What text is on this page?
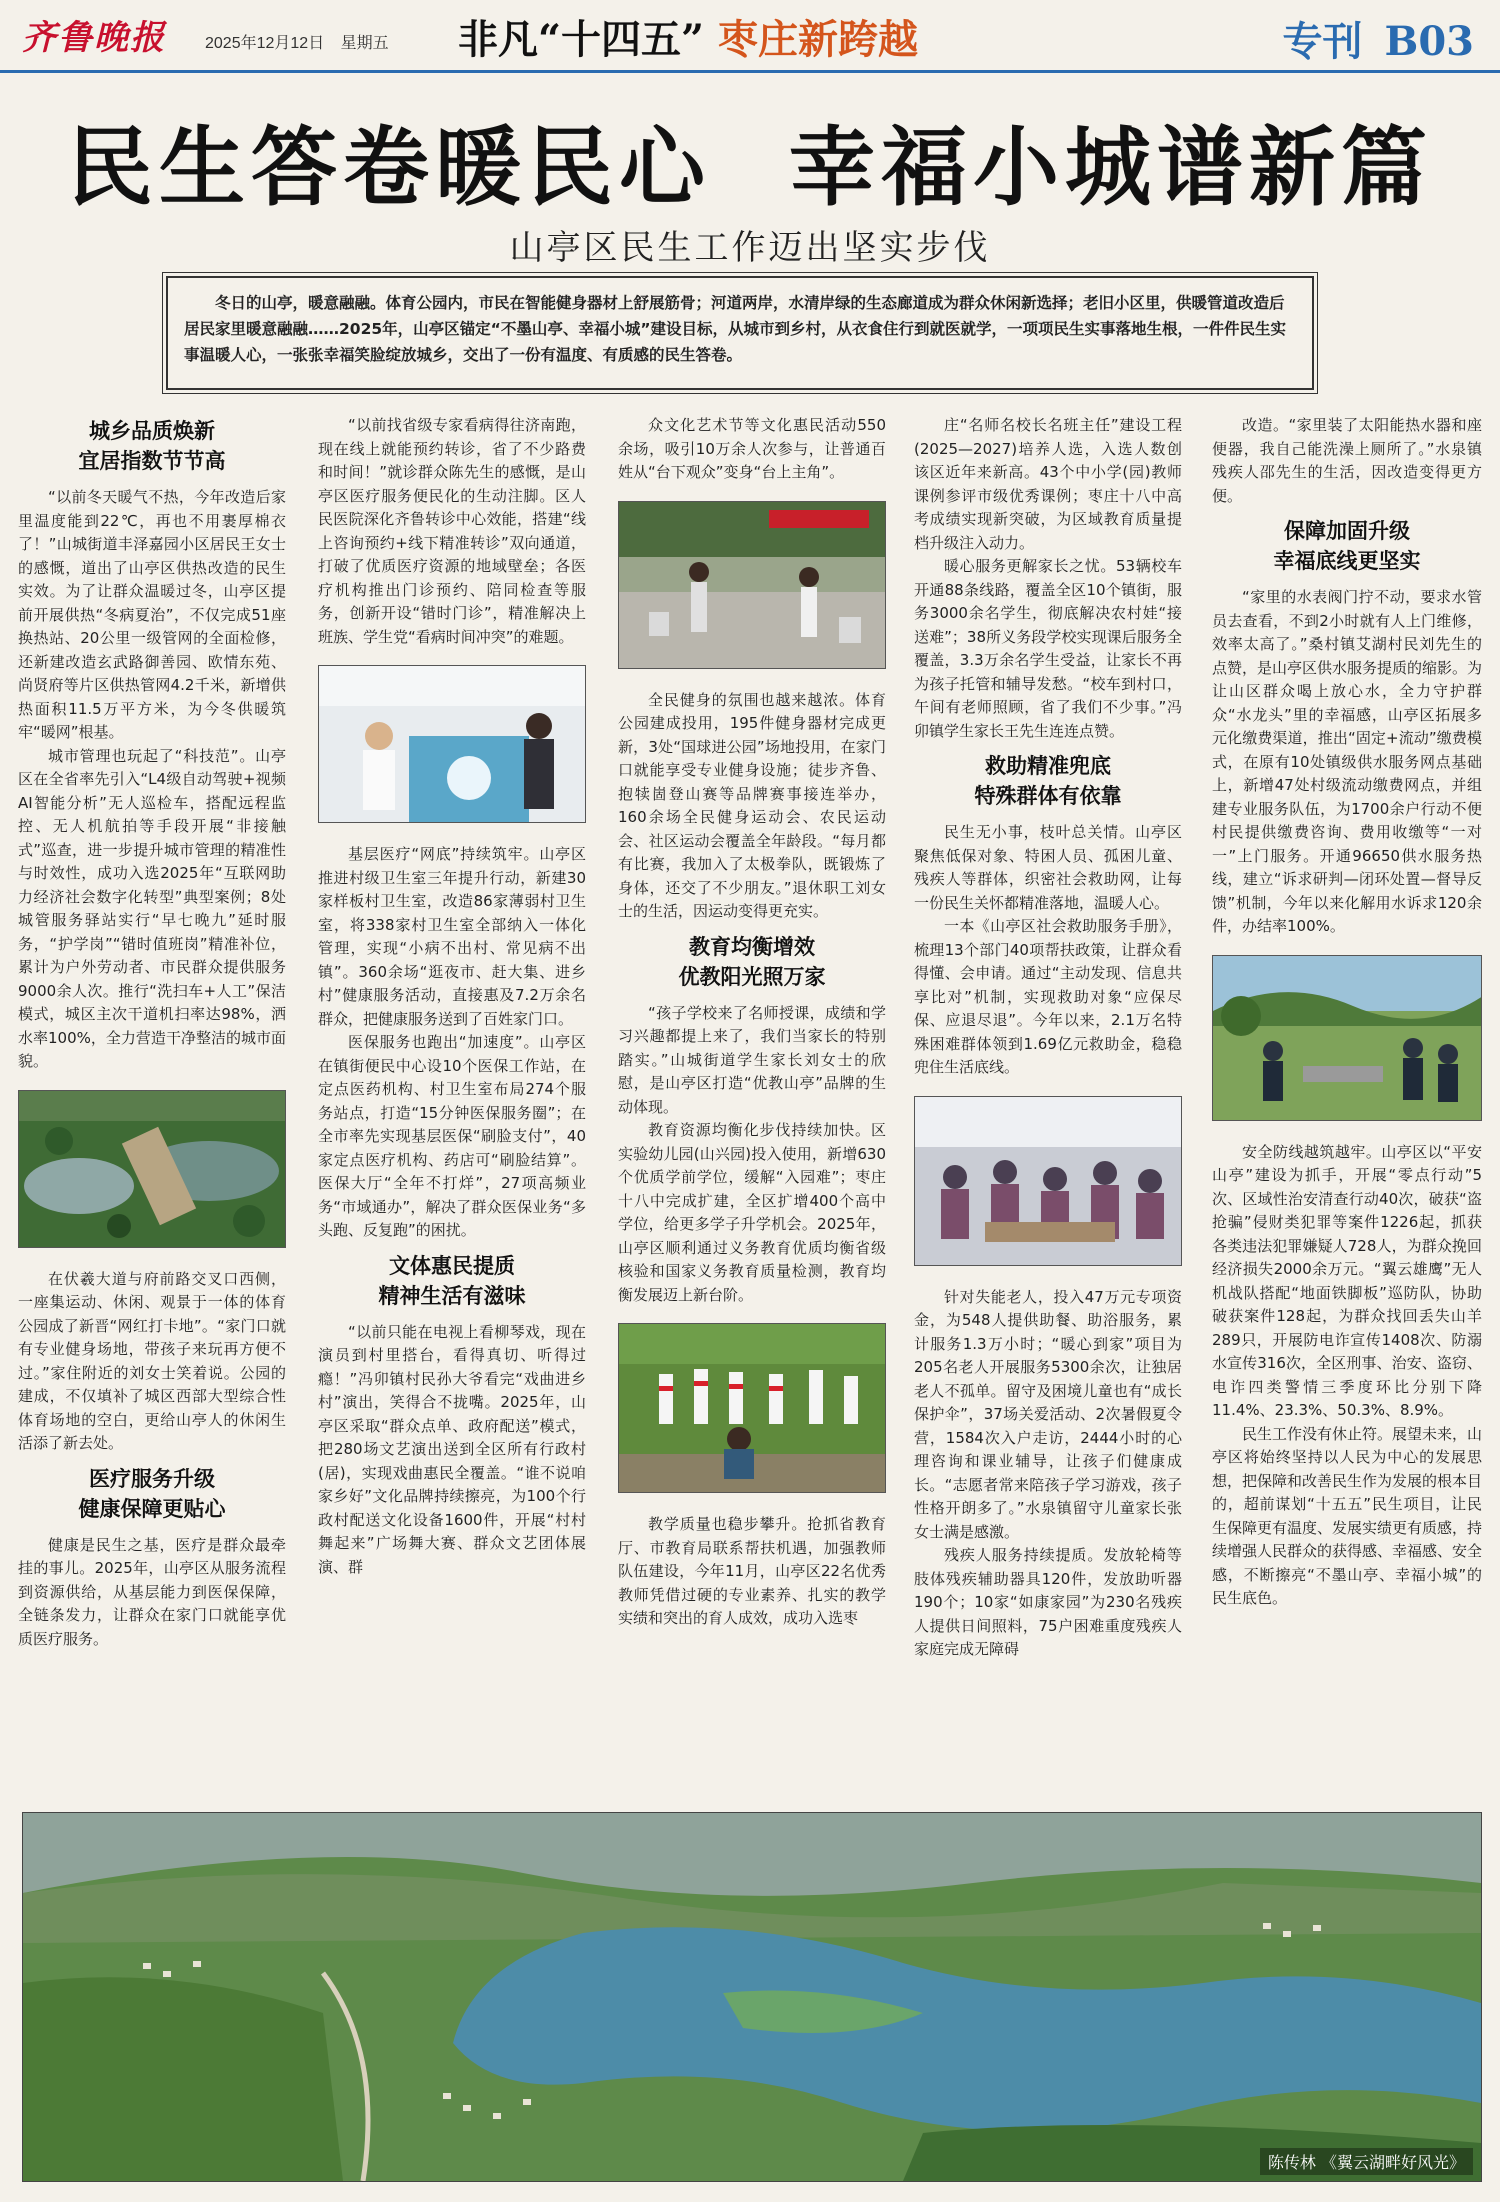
齐鲁晚报 2025年12月12日 星期五 非凡“十四五” 枣庄新跨越	专刊 B03
民生答卷暖民心 幸福小城谱新篇
山亭区民生工作迈出坚实步伐
冬日的山亭，暖意融融。体育公园内，市民在智能健身器材上舒展筋骨；河道两岸，水清岸绿的生态廊道成为群众休闲新选择；老旧小区里，供暖管道改造后居民家里暖意融融……2025年，山亭区锚定“不墨山亭、幸福小城”建设目标，从城市到乡村，从衣食住行到就医就学，一项项民生实事落地生根，一件件民生实事温暖人心，一张张幸福笑脸绽放城乡，交出了一份有温度、有质感的民生答卷。
城乡品质焕新
宜居指数节节高

“以前冬天暖气不热，今年改造后家里温度能到22℃，再也不用裹厚棉衣了！”山城街道丰泽嘉园小区居民王女士的感慨，道出了山亭区供热改造的民生实效。为了让群众温暖过冬，山亭区提前开展供热“冬病夏治”，不仅完成51座换热站、20公里一级管网的全面检修，还新建改造玄武路御善园、欧情东苑、尚贤府等片区供热管网4.2千米，新增供热面积11.5万平方米，为今冬供暖筑牢“暖网”根基。

城市管理也玩起了“科技范”。山亭区在全省率先引入“L4级自动驾驶+视频AI智能分析”无人巡检车，搭配远程监控、无人机航拍等手段开展“非接触式”巡查，进一步提升城市管理的精准性与时效性，成功入选2025年“互联网助力经济社会数字化转型”典型案例；8处城管服务驿站实行“早七晚九”延时服务，“护学岗”“错时值班岗”精准补位，累计为户外劳动者、市民群众提供服务9000余人次。推行“洗扫车+人工”保洁模式，城区主次干道机扫率达98%，洒水率100%，全力营造干净整洁的城市面貌。

在伏羲大道与府前路交叉口西侧，一座集运动、休闲、观景于一体的体育公园成了新晋“网红打卡地”。“家门口就有专业健身场地，带孩子来玩再方便不过。”家住附近的刘女士笑着说。公园的建成，不仅填补了城区西部大型综合性体育场地的空白，更给山亭人的休闲生活添了新去处。

医疗服务升级
健康保障更贴心

健康是民生之基，医疗是群众最牵挂的事儿。2025年，山亭区从服务流程到资源供给，从基层能力到医保保障，全链条发力，让群众在家门口就能享优质医疗服务。

“以前找省级专家看病得往济南跑，现在线上就能预约转诊，省了不少路费和时间！”就诊群众陈先生的感慨，是山亭区医疗服务便民化的生动注脚。区人民医院深化齐鲁转诊中心效能，搭建“线上咨询预约+线下精准转诊”双向通道，打破了优质医疗资源的地域壁垒；各医疗机构推出门诊预约、陪同检查等服务，创新开设“错时门诊”，精准解决上班族、学生党“看病时间冲突”的难题。

基层医疗“网底”持续筑牢。山亭区推进村级卫生室三年提升行动，新建30家样板村卫生室，改造86家薄弱村卫生室，将338家村卫生室全部纳入一体化管理，实现“小病不出村、常见病不出镇”。360余场“逛夜市、赶大集、进乡村”健康服务活动，直接惠及7.2万余名群众，把健康服务送到了百姓家门口。

医保服务也跑出“加速度”。山亭区在镇街便民中心设10个医保工作站，在定点医药机构、村卫生室布局274个服务站点，打造“15分钟医保服务圈”；在全市率先实现基层医保“刷脸支付”，40家定点医疗机构、药店可“刷脸结算”。医保大厅“全年不打烊”，27项高频业务“市域通办”，解决了群众医保业务“多头跑、反复跑”的困扰。

文体惠民提质
精神生活有滋味

“以前只能在电视上看柳琴戏，现在演员到村里搭台，看得真切、听得过瘾！”冯卯镇村民孙大爷看完“戏曲进乡村”演出，笑得合不拢嘴。2025年，山亭区采取“群众点单、政府配送”模式，把280场文艺演出送到全区所有行政村(居)，实现戏曲惠民全覆盖。“谁不说咱家乡好”文化品牌持续擦亮，为100个行政村配送文化设备1600件，开展“村村舞起来”广场舞大赛、群众文艺团体展演、群

众文化艺术节等文化惠民活动550余场，吸引10万余人次参与，让普通百姓从“台下观众”变身“台上主角”。

全民健身的氛围也越来越浓。体育公园建成投用，195件健身器材完成更新，3处“国球进公园”场地投用，在家门口就能享受专业健身设施；徒步齐鲁、抱犊崮登山赛等品牌赛事接连举办，160余场全民健身运动会、农民运动会、社区运动会覆盖全年龄段。“每月都有比赛，我加入了太极拳队，既锻炼了身体，还交了不少朋友。”退休职工刘女士的生活，因运动变得更充实。

教育均衡增效
优教阳光照万家

“孩子学校来了名师授课，成绩和学习兴趣都提上来了，我们当家长的特别踏实。”山城街道学生家长刘女士的欣慰，是山亭区打造“优教山亭”品牌的生动体现。

教育资源均衡化步伐持续加快。区实验幼儿园(山兴园)投入使用，新增630个优质学前学位，缓解“入园难”；枣庄十八中完成扩建，全区扩增400个高中学位，给更多学子升学机会。2025年，山亭区顺利通过义务教育优质均衡省级核验和国家义务教育质量检测，教育均衡发展迈上新台阶。

教学质量也稳步攀升。抢抓省教育厅、市教育局联系帮扶机遇，加强教师队伍建设，今年11月，山亭区22名优秀教师凭借过硬的专业素养、扎实的教学实绩和突出的育人成效，成功入选枣

庄“名师名校长名班主任”建设工程(2025—2027)培养人选，入选人数创该区近年来新高。43个中小学(园)教师课例参评市级优秀课例；枣庄十八中高考成绩实现新突破，为区域教育质量提档升级注入动力。

暖心服务更解家长之忧。53辆校车开通88条线路，覆盖全区10个镇街，服务3000余名学生，彻底解决农村娃“接送难”；38所义务段学校实现课后服务全覆盖，3.3万余名学生受益，让家长不再为孩子托管和辅导发愁。“校车到村口，午间有老师照顾，省了我们不少事。”冯卯镇学生家长王先生连连点赞。

救助精准兜底
特殊群体有依靠

民生无小事，枝叶总关情。山亭区聚焦低保对象、特困人员、孤困儿童、残疾人等群体，织密社会救助网，让每一份民生关怀都精准落地，温暖人心。

一本《山亭区社会救助服务手册》，梳理13个部门40项帮扶政策，让群众看得懂、会申请。通过“主动发现、信息共享比对”机制，实现救助对象“应保尽保、应退尽退”。今年以来，2.1万名特殊困难群体领到1.69亿元救助金，稳稳兜住生活底线。

针对失能老人，投入47万元专项资金，为548人提供助餐、助浴服务，累计服务1.3万小时；“暖心到家”项目为205名老人开展服务5300余次，让独居老人不孤单。留守及困境儿童也有“成长保护伞”，37场关爱活动、2次暑假夏令营，1584次入户走访，2444小时的心理咨询和课业辅导，让孩子们健康成长。“志愿者常来陪孩子学习游戏，孩子性格开朗多了。”水泉镇留守儿童家长张女士满是感激。

残疾人服务持续提质。发放轮椅等肢体残疾辅助器具120件，发放助听器190个；10家“如康家园”为230名残疾人提供日间照料，75户困难重度残疾人家庭完成无障碍

改造。“家里装了太阳能热水器和座便器，我自己能洗澡上厕所了。”水泉镇残疾人邵先生的生活，因改造变得更方便。

保障加固升级
幸福底线更坚实

“家里的水表阀门拧不动，要求水管员去查看，不到2小时就有人上门维修，效率太高了。”桑村镇艾湖村民刘先生的点赞，是山亭区供水服务提质的缩影。为让山区群众喝上放心水，全力守护群众“水龙头”里的幸福感，山亭区拓展多元化缴费渠道，推出“固定+流动”缴费模式，在原有10处镇级供水服务网点基础上，新增47处村级流动缴费网点，并组建专业服务队伍，为1700余户行动不便村民提供缴费咨询、费用收缴等“一对一”上门服务。开通96650供水服务热线，建立“诉求研判—闭环处置—督导反馈”机制，今年以来化解用水诉求120余件，办结率100%。

安全防线越筑越牢。山亭区以“平安山亭”建设为抓手，开展“零点行动”5次、区域性治安清查行动40次，破获“盗抢骗”侵财类犯罪等案件1226起，抓获各类违法犯罪嫌疑人728人，为群众挽回经济损失2000余万元。“翼云雄鹰”无人机战队搭配“地面铁脚板”巡防队，协助破获案件128起，为群众找回丢失山羊289只，开展防电诈宣传1408次、防溺水宣传316次，全区刑事、治安、盗窃、电诈四类警情三季度环比分别下降11.4%、23.3%、50.3%、8.9%。

民生工作没有休止符。展望未来，山亭区将始终坚持以人民为中心的发展思想，把保障和改善民生作为发展的根本目的，超前谋划“十五五”民生项目，让民生保障更有温度、发展实绩更有质感，持续增强人民群众的获得感、幸福感、安全感，不断擦亮“不墨山亭、幸福小城”的民生底色。

陈传林 《翼云湖畔好风光》
